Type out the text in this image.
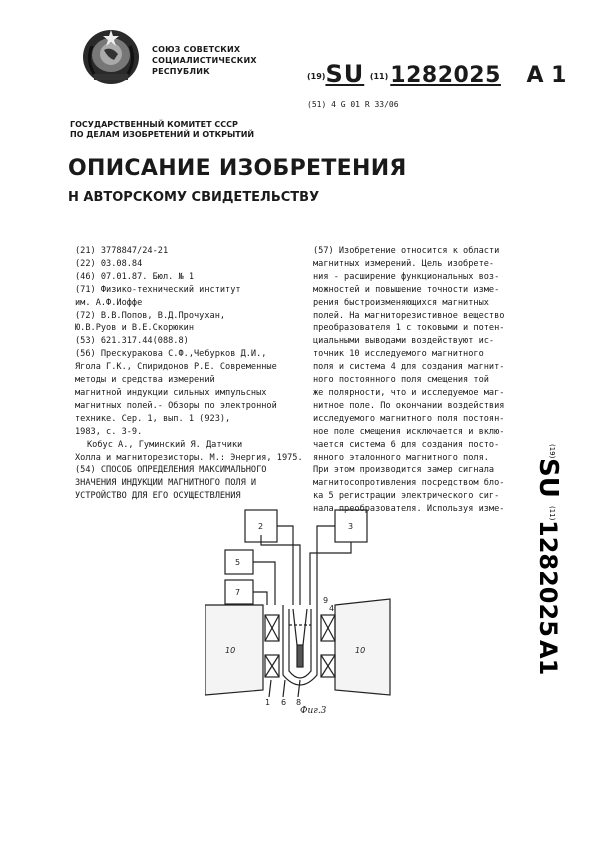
СОЮЗ СОВЕТСКИХ
СОЦИАЛИСТИЧЕСКИХ
РЕСПУБЛИК
(19)SU (11)1282025 A 1
(51) 4 G 01 R 33/06
ГОСУДАРСТВЕННЫЙ КОМИТЕТ СССР
ПО ДЕЛАМ ИЗОБРЕТЕНИЙ И ОТКРЫТИЙ
ОПИСАНИЕ ИЗОБРЕТЕНИЯ
Н АВТОРСКОМУ СВИДЕТЕЛЬСТВУ
(21) 3778847/24-21
(22) 03.08.84
(46) 07.01.87. Бюл. № 1
(71) Физико-технический институт
им. А.Ф.Иоффе
(72) В.В.Попов, В.Д.Прочухан,
Ю.В.Руов и В.Е.Скорюкин
(53) 621.317.44(088.8)
(56) Прескуракова С.Ф.,Чебурков Д.И.,
Ягола Г.К., Спиридонов Р.Е. Современные методы и средства измерений
магнитной индукции сильных импульсных
магнитных полей.- Обзоры по электронной технике. Сер. 1, вып. 1 (923),
1983, с. 3-9.
Кобус А., Гуминский Я. Датчики
Холла и магниторезисторы. М.: Энергия, 1975.
(54) СПОСОБ ОПРЕДЕЛЕНИЯ МАКСИМАЛЬНОГО
ЗНАЧЕНИЯ ИНДУКЦИИ МАГНИТНОГО ПОЛЯ И
УСТРОЙСТВО ДЛЯ ЕГО ОСУЩЕСТВЛЕНИЯ
(57) Изобретение относится к области
магнитных измерений. Цель изобрете-
ния - расширение функциональных воз-
можностей и повышение точности изме-
рения быстроизменяющихся магнитных
полей. На магниторезистивное вещество
преобразователя 1 с токовыми и потен-
циальными выводами воздействуют ис-
точник 10 исследуемого магнитного
поля и система 4 для создания магнит-
ного постоянного поля смещения той
же полярности, что и исследуемое маг-
нитное поле. По окончании воздействия
исследуемого магнитного поля постоян-
ное поле смещения исключается и вклю-
чается система 6 для создания посто-
янного эталонного магнитного поля.
При этом производится замер сигнала
магнитосопротивления посредством бло-
ка 5 регистрации электрического сиг-
нала преобразователя. Используя изме-
(19)
SU
(11)
1282025
A1
2	3
5
7
10	10
1
4
6 8
9
Фиг.3
